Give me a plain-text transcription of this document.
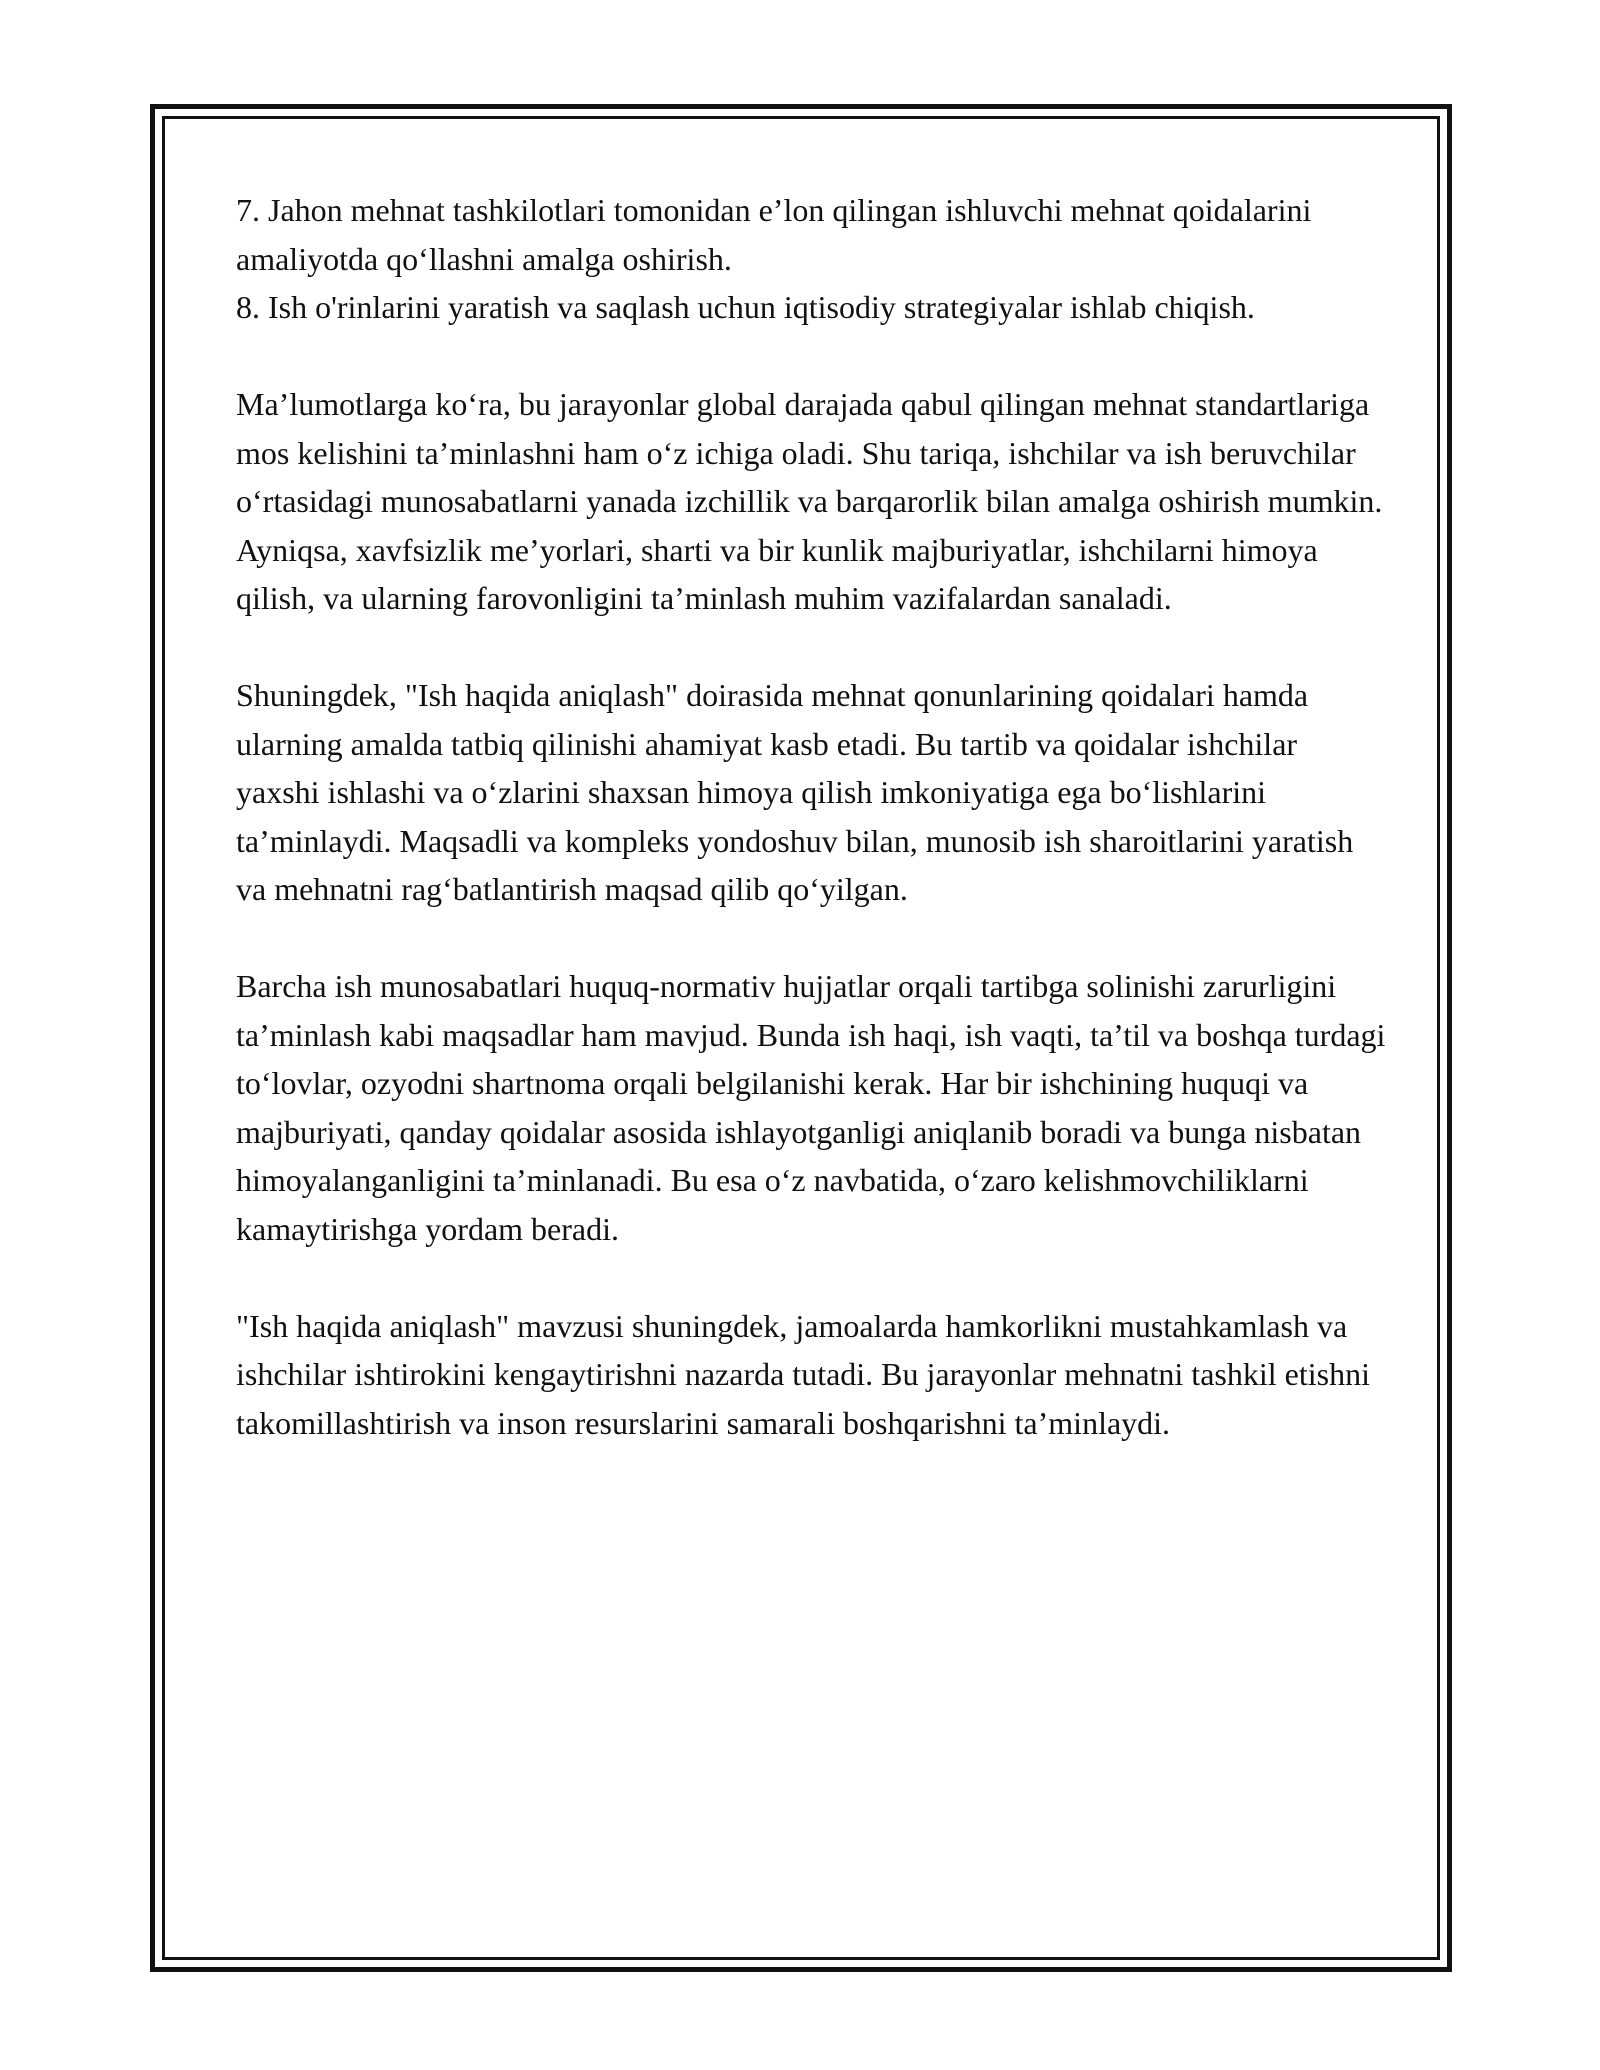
7. Jahon mehnat tashkilotlari tomonidan e’lon qilingan ishluvchi mehnat qoidalarini amaliyotda qo‘llashni amalga oshirish.

8. Ish o'rinlarini yaratish va saqlash uchun iqtisodiy strategiyalar ishlab chiqish.

Ma’lumotlarga ko‘ra, bu jarayonlar global darajada qabul qilingan mehnat standartlariga mos kelishini ta’minlashni ham o‘z ichiga oladi. Shu tariqa, ishchilar va ish beruvchilar o‘rtasidagi munosabatlarni yanada izchillik va barqarorlik bilan amalga oshirish mumkin. Ayniqsa, xavfsizlik me’yorlari, sharti va bir kunlik majburiyatlar, ishchilarni himoya qilish, va ularning farovonligini ta’minlash muhim vazifalardan sanaladi.

Shuningdek, "Ish haqida aniqlash" doirasida mehnat qonunlarining qoidalari hamda ularning amalda tatbiq qilinishi ahamiyat kasb etadi. Bu tartib va qoidalar ishchilar yaxshi ishlashi va o‘zlarini shaxsan himoya qilish imkoniyatiga ega bo‘lishlarini ta’minlaydi. Maqsadli va kompleks yondoshuv bilan, munosib ish sharoitlarini yaratish va mehnatni rag‘batlantirish maqsad qilib qo‘yilgan.

Barcha ish munosabatlari huquq-normativ hujjatlar orqali tartibga solinishi zarurligini ta’minlash kabi maqsadlar ham mavjud. Bunda ish haqi, ish vaqti, ta’til va boshqa turdagi to‘lovlar, ozyodni shartnoma orqali belgilanishi kerak. Har bir ishchining huquqi va majburiyati, qanday qoidalar asosida ishlayotganligi aniqlanib boradi va bunga nisbatan himoyalanganligini ta’minlanadi. Bu esa o‘z navbatida, o‘zaro kelishmovchiliklarni kamaytirishga yordam beradi.

"Ish haqida aniqlash" mavzusi shuningdek, jamoalarda hamkorlikni mustahkamlash va ishchilar ishtirokini kengaytirishni nazarda tutadi. Bu jarayonlar mehnatni tashkil etishni takomillashtirish va inson resurslarini samarali boshqarishni ta’minlaydi.
